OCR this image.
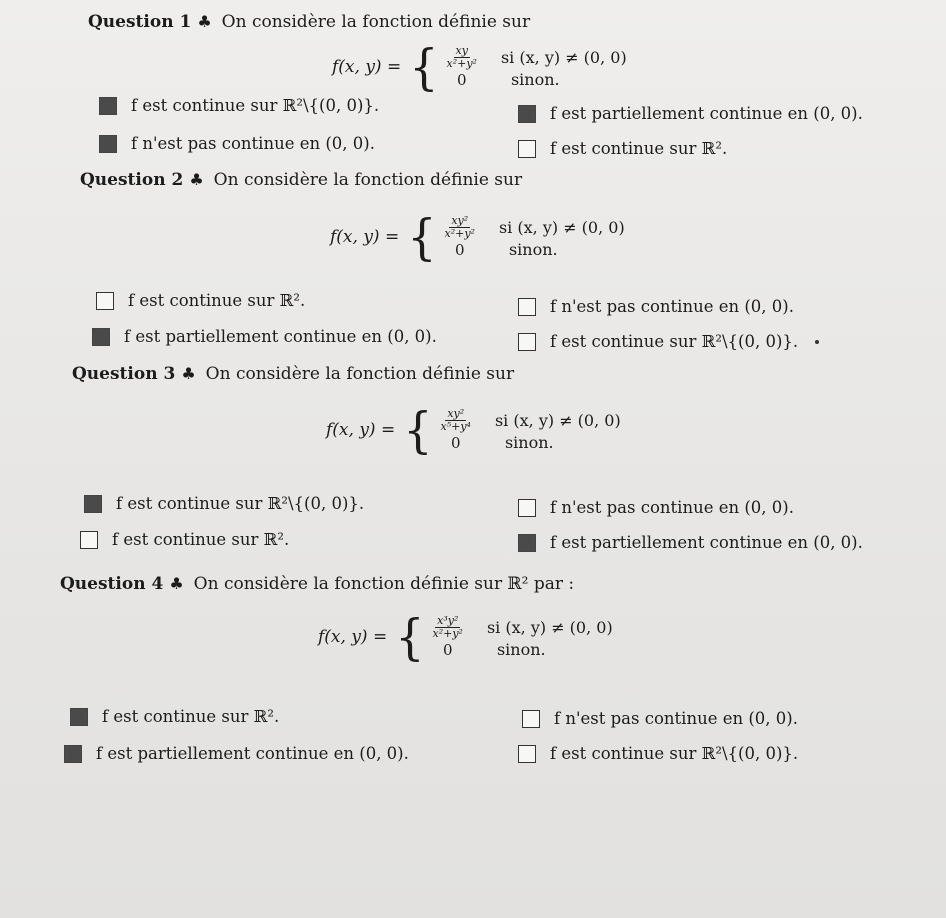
Question 1 ♣ On considère la fonction définie sur
f(x, y) = { $\frac{xy}{\text{x²+y²}}$ si (x, y) ≠ (0, 0)
0	sinon.
f est continue sur ℝ²\{(0, 0)}.	f est partiellement continue en (0, 0).
f n'est pas continue en (0, 0).	f est continue sur ℝ².
Question 2 ♣ On considère la fonction définie sur
f(x, y) = { $\frac{\text{xy²}}{\text{x²+y²}}$ si (x, y) ≠ (0, 0)
0	sinon.
f est continue sur ℝ².	f n'est pas continue en (0, 0).
f est partiellement continue en (0, 0).	f est continue sur ℝ²\{(0, 0)}.
Question 3 ♣ On considère la fonction définie sur
f(x, y) = { $\frac{\text{xy²}}{\text{x⁵+y⁴}}$ si (x, y) ≠ (0, 0)
0	sinon.
f est continue sur ℝ²\{(0, 0)}.	f n'est pas continue en (0, 0).
f est continue sur ℝ².	f est partiellement continue en (0, 0).
Question 4 ♣ On considère la fonction définie sur ℝ² par :
f(x, y) = { $\frac{\text{x³y²}}{\text{x²+y²}}$ si (x, y) ≠ (0, 0)
0	sinon.
f est continue sur ℝ².	f n'est pas continue en (0, 0).
f est partiellement continue en (0, 0).	f est continue sur ℝ²\{(0, 0)}.
